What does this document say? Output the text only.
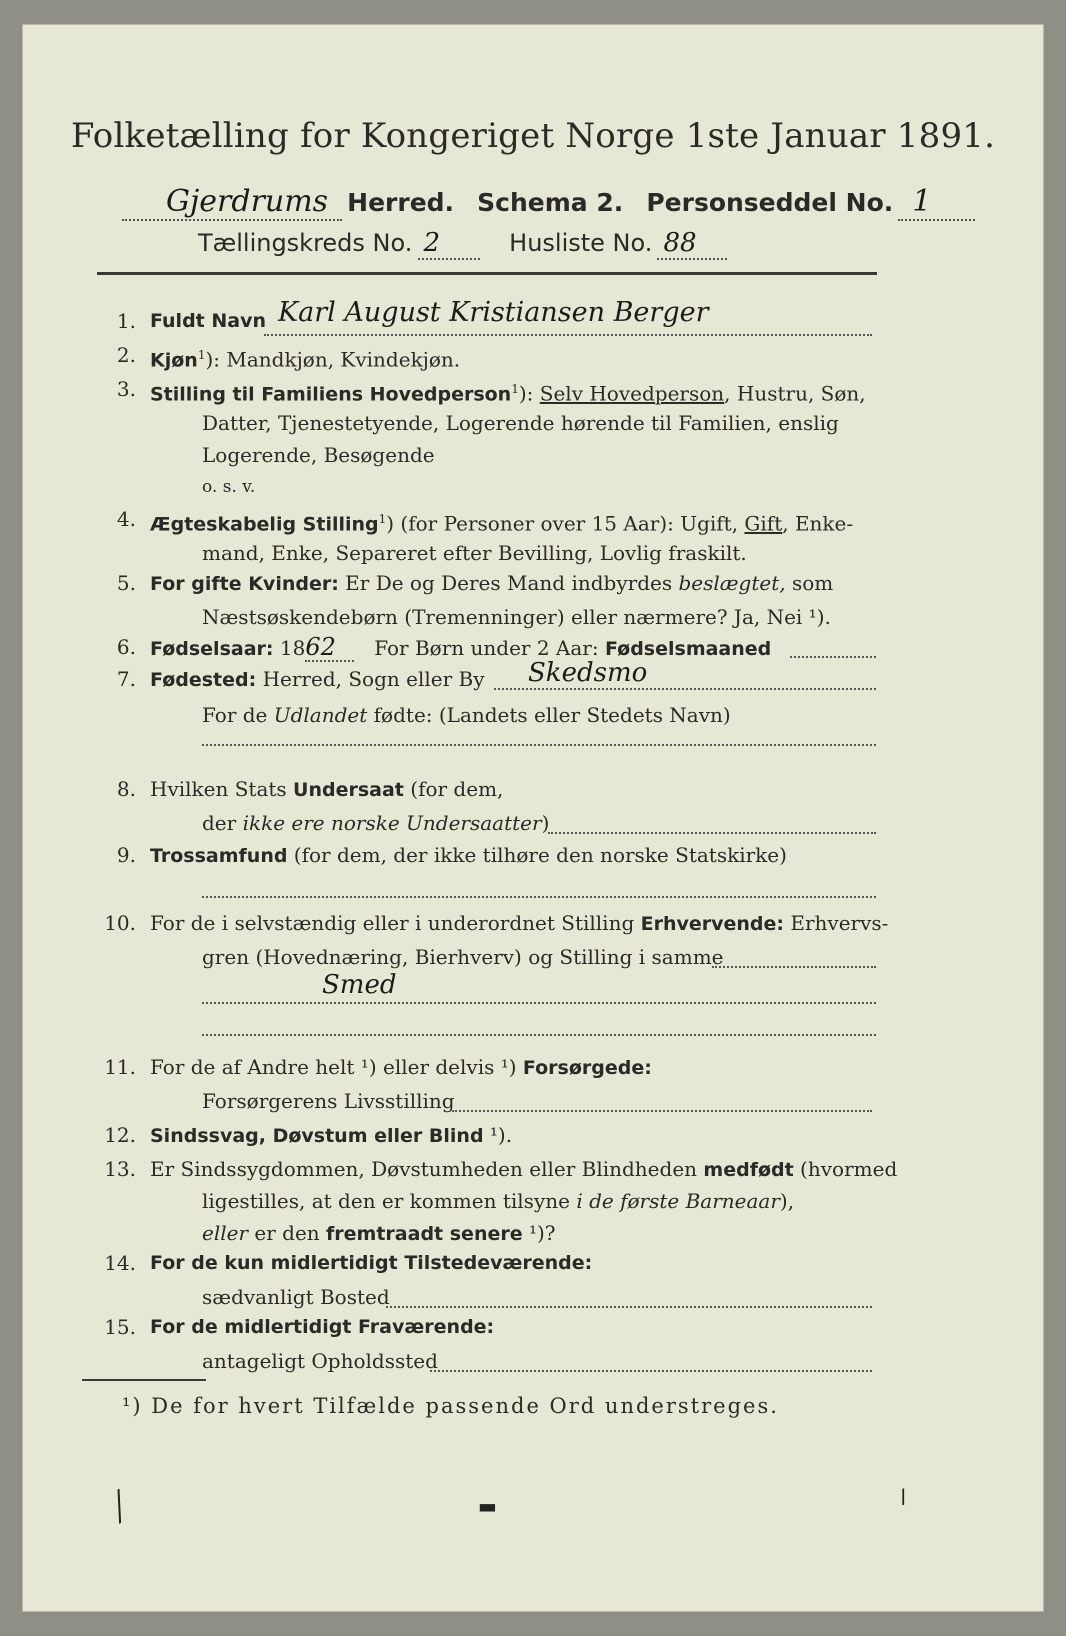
Folketælling for Kongeriget Norge 1ste Januar 1891.
Gjerdrums Herred. Schema 2. Personseddel No. 1
Tællingskreds No. 2	Husliste No. 88
1. Fuldt Navn Karl August Kristiansen Berger
2. Kjøn$^1$): Mandkjøn, Kvindekjøn.
3. Stilling til Familiens Hovedperson$^1$): Selv Hovedperson, Hustru, Søn,
Datter, Tjenestetyende, Logerende hørende til Familien, enslig
Logerende, Besøgende
o. s. v.
4. Ægteskabelig Stilling$^1$) (for Personer over 15 Aar): Ugift, Gift, Enke-
mand, Enke, Separeret efter Bevilling, Lovlig fraskilt.
5. For gifte Kvinder: Er De og Deres Mand indbyrdes beslægtet, som
Næstsøskendebørn (Tremenninger) eller nærmere? Ja, Nei ¹).
6. Fødselsaar: 1862 For Børn under 2 Aar: Fødselsmaaned
7. Fødested: Herred, Sogn eller By Skedsmo
For de Udlandet fødte: (Landets eller Stedets Navn)
8. Hvilken Stats Undersaat (for dem,
der ikke ere norske Undersaatter)
9. Trossamfund (for dem, der ikke tilhøre den norske Statskirke)
10. For de i selvstændig eller i underordnet Stilling Erhvervende: Erhvervs-
gren (Hovednæring, Bierhverv) og Stilling i samme
Smed
11. For de af Andre helt ¹) eller delvis ¹) Forsørgede:
Forsørgerens Livsstilling
12. Sindssvag, Døvstum eller Blind ¹).
13. Er Sindssygdommen, Døvstumheden eller Blindheden medfødt (hvormed
ligestilles, at den er kommen tilsyne i de første Barneaar),
eller er den fremtraadt senere ¹)?
14. For de kun midlertidigt Tilstedeværende:
sædvanligt Bosted
15. For de midlertidigt Fraværende:
antageligt Opholdssted
¹) De for hvert Tilfælde passende Ord understreges.
╱	▬	ǀ
